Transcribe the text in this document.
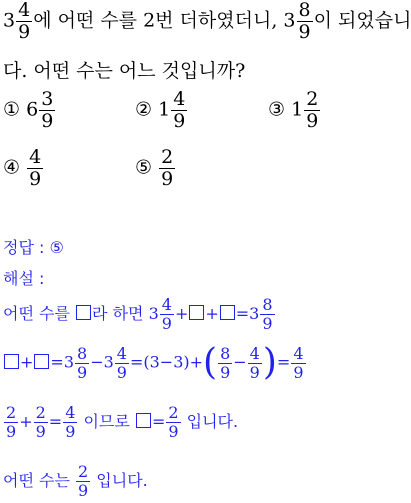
$3 \frac{4}{9}$ 에 어떤 수를 2번 더하였더니, $3 \frac{8}{9}$ 이 되었습니
다. 어떤 수는 어느 것입니까?
① $6 \frac{3}{9}$	② $1 \frac{4}{9}$	③ $1 \frac{2}{9}$
④ $\frac{4}{9}$	⑤ $\frac{2}{9}$
정답 : ⑤
해설 :
어떤 수를 라 하면 $3 \frac{4}{9}$ + + $=3 \frac{8}{9}$
+ $=3 \frac{8}{9} -3 \frac{4}{9} =(3-3)+( \frac{8}{9} - \frac{4}{9}$ )= $\frac{4}{9}$
$\frac{2}{9} + \frac{2}{9} = \frac{4}{9}$ 이므로 = $\frac{2}{9}$ 입니다.
어떤 수는 $\frac{2}{9}$ 입니다.
